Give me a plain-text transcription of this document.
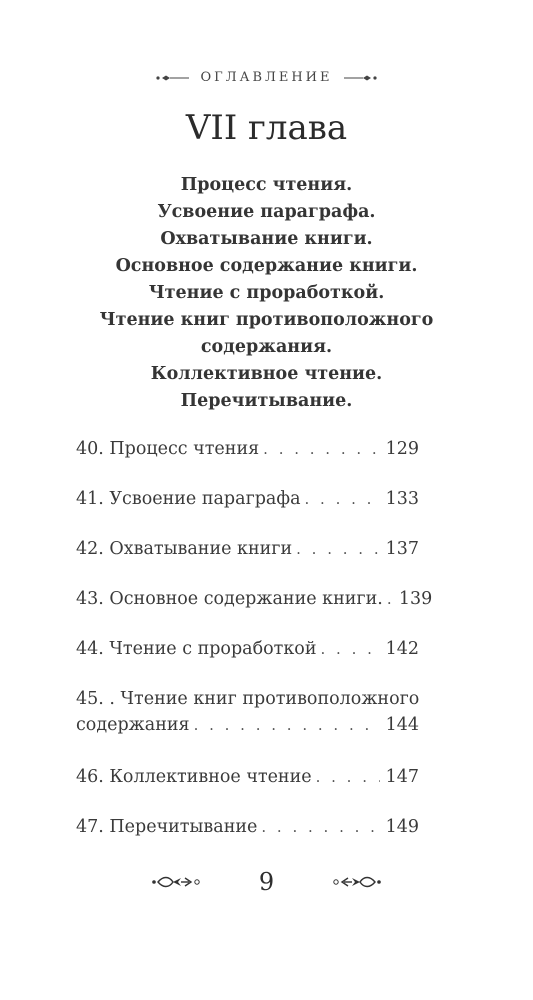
ОГЛАВЛЕНИЕ
VII глава
Процесс чтения.
Усвоение параграфа.
Охватывание книги.
Основное содержание книги.
Чтение с проработкой.
Чтение книг противоположного
содержания.
Коллективное чтение.
Перечитывание.
40. Процесс чтения . . .	129
41. Усвоение параграфа . . .	133
42. Охватывание книги . . .	137
43. Основное содержание книги. . . . 139
44. Чтение с проработкой . . .	142
45. . Чтение книг противоположного
содержания . . .	144
46. Коллективное чтение . . .	147
47. Перечитывание . . .	149
9
